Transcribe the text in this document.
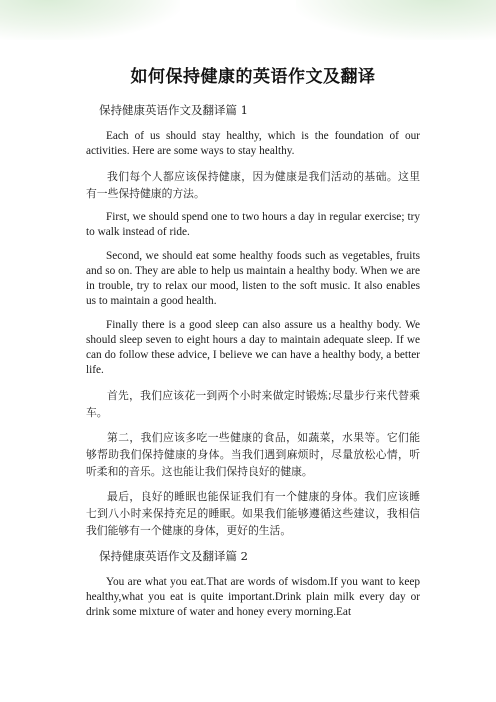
如何保持健康的英语作文及翻译
保持健康英语作文及翻译篇 1

Each of us should stay healthy, which is the foundation of our activities. Here are some ways to stay healthy.

我们每个人都应该保持健康，因为健康是我们活动的基础。这里有一些保持健康的方法。

First, we should spend one to two hours a day in regular exercise; try to walk instead of ride.

Second, we should eat some healthy foods such as vegetables, fruits and so on. They are able to help us maintain a healthy body. When we are in trouble, try to relax our mood, listen to the soft music. It also enables us to maintain a good health.

Finally there is a good sleep can also assure us a healthy body. We should sleep seven to eight hours a day to maintain adequate sleep. If we can do follow these advice, I believe we can have a healthy body, a better life.

首先，我们应该花一到两个小时来做定时锻炼;尽量步行来代替乘车。

第二，我们应该多吃一些健康的食品，如蔬菜，水果等。它们能够帮助我们保持健康的身体。当我们遇到麻烦时，尽量放松心情，听听柔和的音乐。这也能让我们保持良好的健康。

最后，良好的睡眠也能保证我们有一个健康的身体。我们应该睡七到八小时来保持充足的睡眠。如果我们能够遵循这些建议，我相信我们能够有一个健康的身体，更好的生活。

保持健康英语作文及翻译篇 2

You are what you eat.That are words of wisdom.If you want to keep healthy,what you eat is quite important.Drink plain milk every day or drink some mixture of water and honey every morning.Eat
